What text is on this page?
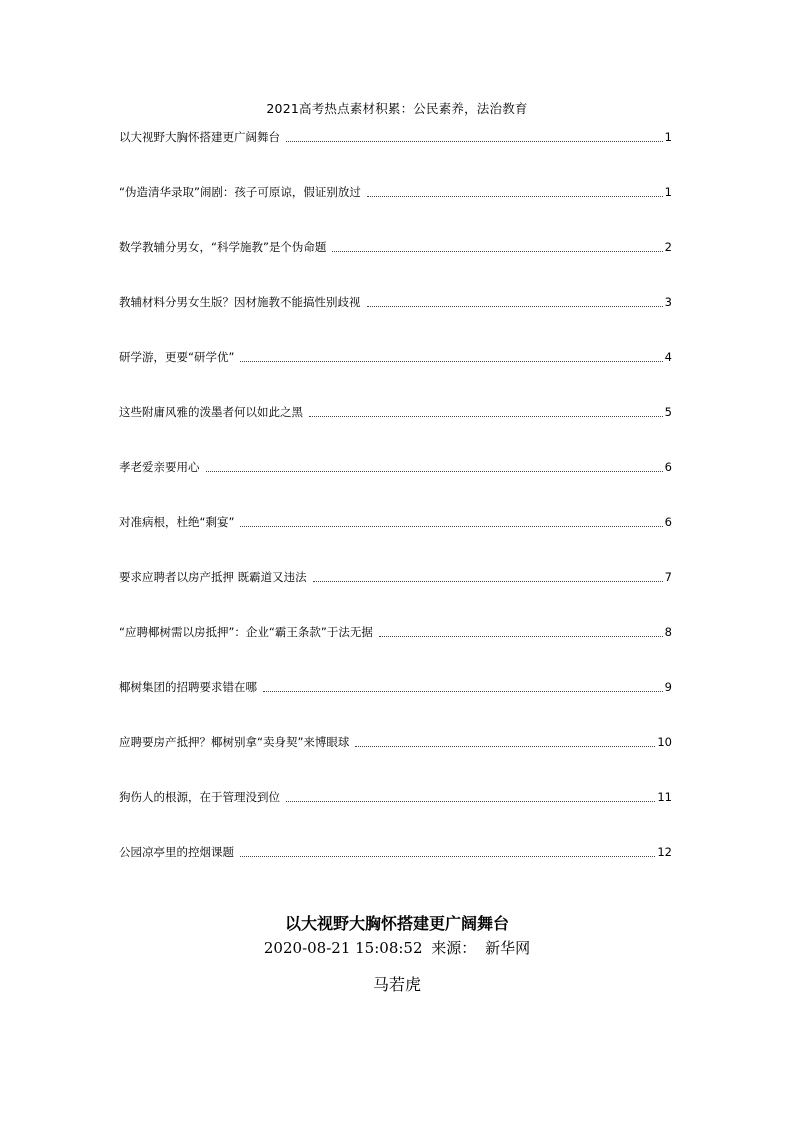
2021高考热点素材积累：公民素养，法治教育
以大视野大胸怀搭建更广阔舞台	1
“伪造清华录取”闹剧：孩子可原谅，假证别放过	1
数学教辅分男女，“科学施教”是个伪命题	2
教辅材料分男女生版？因材施教不能搞性别歧视	3
研学游，更要“研学优”	4
这些附庸风雅的泼墨者何以如此之黑	5
孝老爱亲要用心	6
对准病根，杜绝“剩宴”	6
要求应聘者以房产抵押 既霸道又违法	7
“应聘椰树需以房抵押”：企业“霸王条款”于法无据	8
椰树集团的招聘要求错在哪	9
应聘要房产抵押？椰树别拿“卖身契”来博眼球	10
狗伤人的根源，在于管理没到位	11
公园凉亭里的控烟课题	12
以大视野大胸怀搭建更广阔舞台
2020-08-21 15:08:52 来源： 新华网
马若虎
